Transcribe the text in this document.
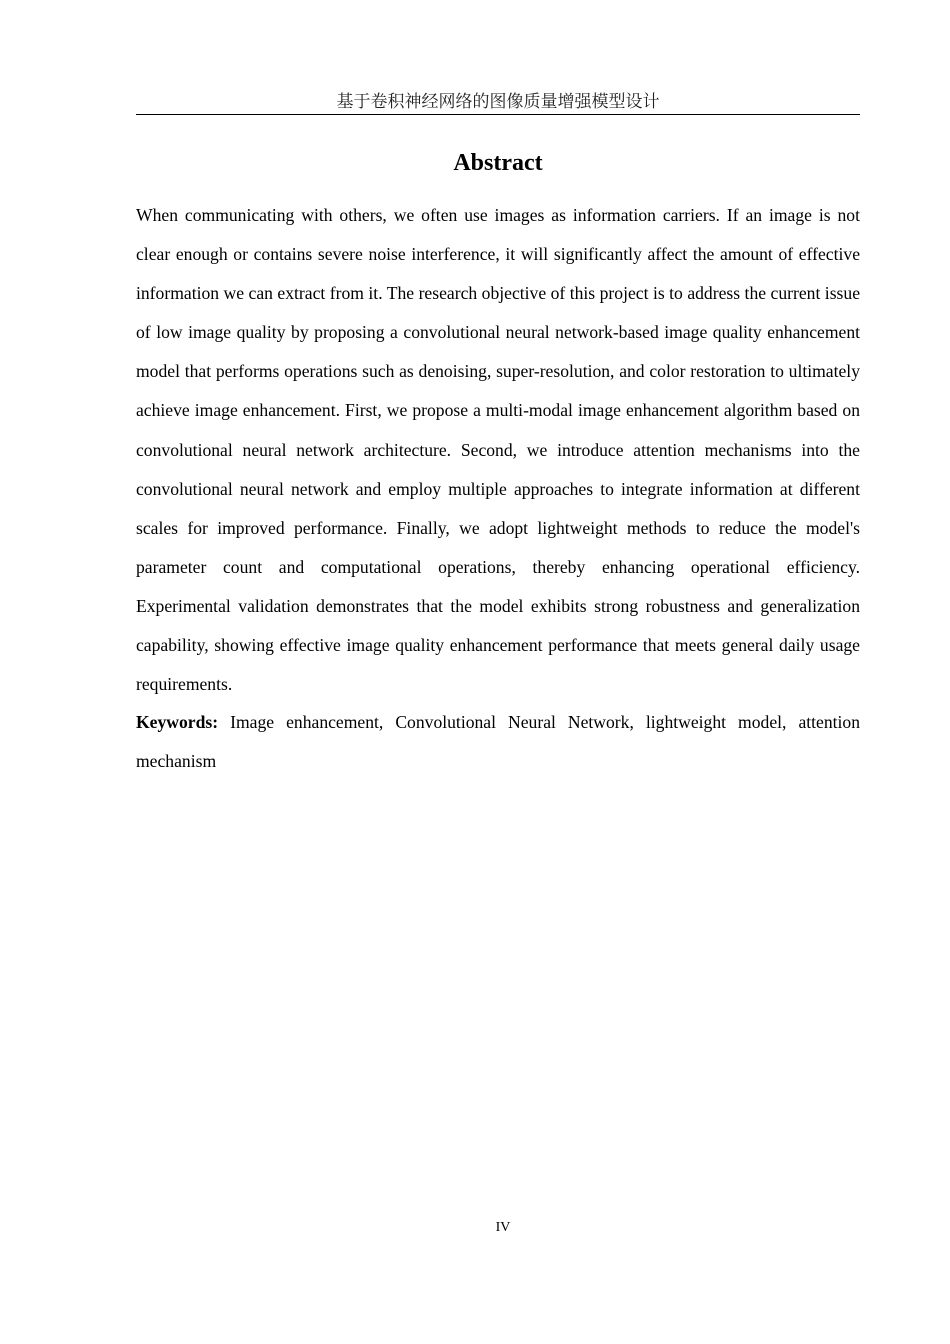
基于卷积神经网络的图像质量增强模型设计
Abstract

When communicating with others, we often use images as information carriers. If an image is not clear enough or contains severe noise interference, it will significantly affect the amount of effective information we can extract from it. The research objective of this project is to address the current issue of low image quality by proposing a convolutional neural network-based image quality enhancement model that performs operations such as denoising, super-resolution, and color restoration to ultimately achieve image enhancement. First, we propose a multi-modal image enhancement algorithm based on convolutional neural network architecture. Second, we introduce attention mechanisms into the convolutional neural network and employ multiple approaches to integrate information at different scales for improved performance. Finally, we adopt lightweight methods to reduce the model's parameter count and computational operations, thereby enhancing operational efficiency. Experimental validation demonstrates that the model exhibits strong robustness and generalization capability, showing effective image quality enhancement performance that meets general daily usage requirements.

Keywords: Image enhancement, Convolutional Neural Network, lightweight model, attention mechanism

IV
